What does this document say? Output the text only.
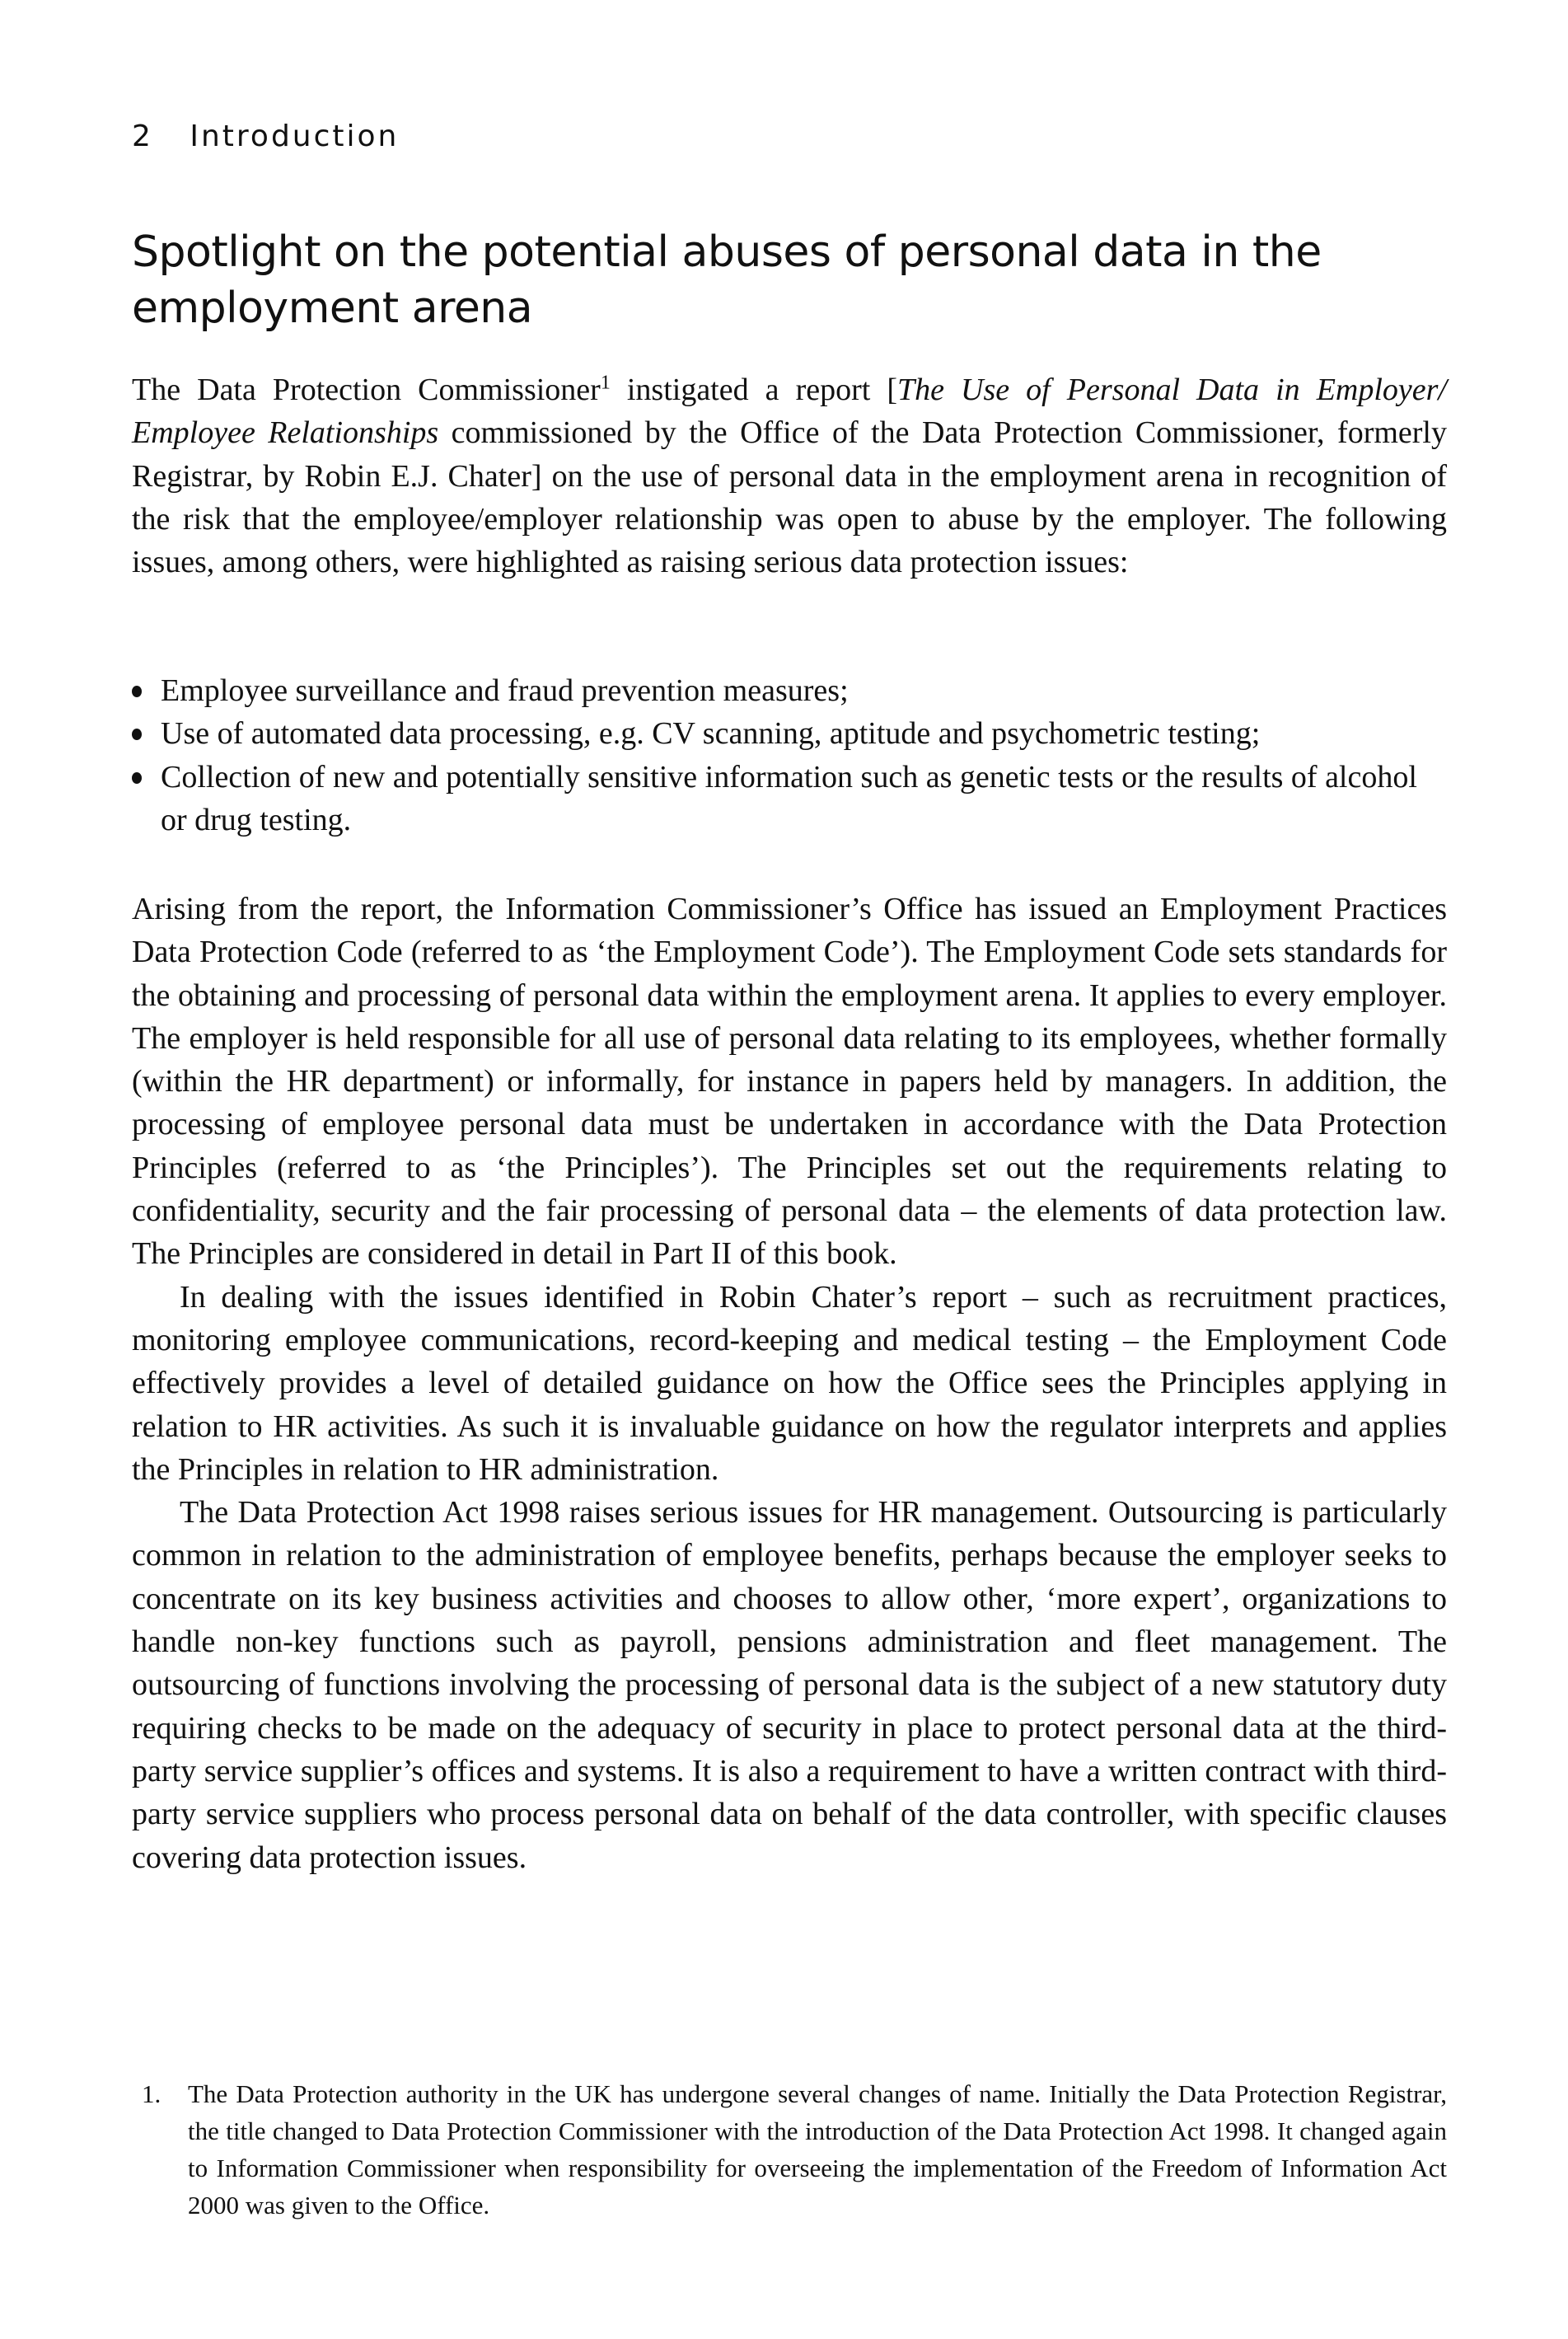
2 Introduction
Spotlight on the potential abuses of personal data in the employment arena

The Data Protection Commissioner$^1$ instigated a report [The Use of Personal Data in Employer/ Employee Relationships commissioned by the Office of the Data Protection Commissioner, formerly Registrar, by Robin E.J. Chater] on the use of personal data in the employment arena in recognition of the risk that the employee/employer relationship was open to abuse by the employer. The following issues, among others, were highlighted as raising serious data protection issues:

Employee surveillance and fraud prevention measures;
Use of automated data processing, e.g. CV scanning, aptitude and psychometric testing;
Collection of new and potentially sensitive information such as genetic tests or the results of alcohol or drug testing.

Arising from the report, the Information Commissioner’s Office has issued an Employment Practices Data Protection Code (referred to as ‘the Employment Code’). The Employment Code sets standards for the obtaining and processing of personal data within the employment arena. It applies to every employer. The employer is held responsible for all use of personal data relating to its employees, whether formally (within the HR department) or informally, for instance in papers held by managers. In addition, the processing of employee personal data must be undertaken in accordance with the Data Protection Principles (referred to as ‘the Principles’). The Principles set out the requirements relating to confidentiality, security and the fair processing of personal data – the elements of data protection law. The Principles are considered in detail in Part II of this book.

In dealing with the issues identified in Robin Chater’s report – such as recruitment practices, monitoring employee communications, record-keeping and medical testing – the Employment Code effectively provides a level of detailed guidance on how the Office sees the Principles applying in relation to HR activities. As such it is invaluable guidance on how the regulator interprets and applies the Principles in relation to HR administration.

The Data Protection Act 1998 raises serious issues for HR management. Outsourcing is particularly common in relation to the administration of employee benefits, perhaps because the employer seeks to concentrate on its key business activities and chooses to allow other, ‘more expert’, organizations to handle non-key functions such as payroll, pensions administration and fleet management. The outsourcing of functions involving the processing of personal data is the subject of a new statutory duty requiring checks to be made on the adequacy of security in place to protect personal data at the third-party service supplier’s offices and systems. It is also a requirement to have a written contract with third-party service suppliers who process personal data on behalf of the data controller, with specific clauses covering data protection issues.

1. The Data Protection authority in the UK has undergone several changes of name. Initially the Data Protection Registrar, the title changed to Data Protection Commissioner with the introduction of the Data Protection Act 1998. It changed again to Information Commissioner when responsibility for overseeing the implementation of the Freedom of Information Act 2000 was given to the Office.
